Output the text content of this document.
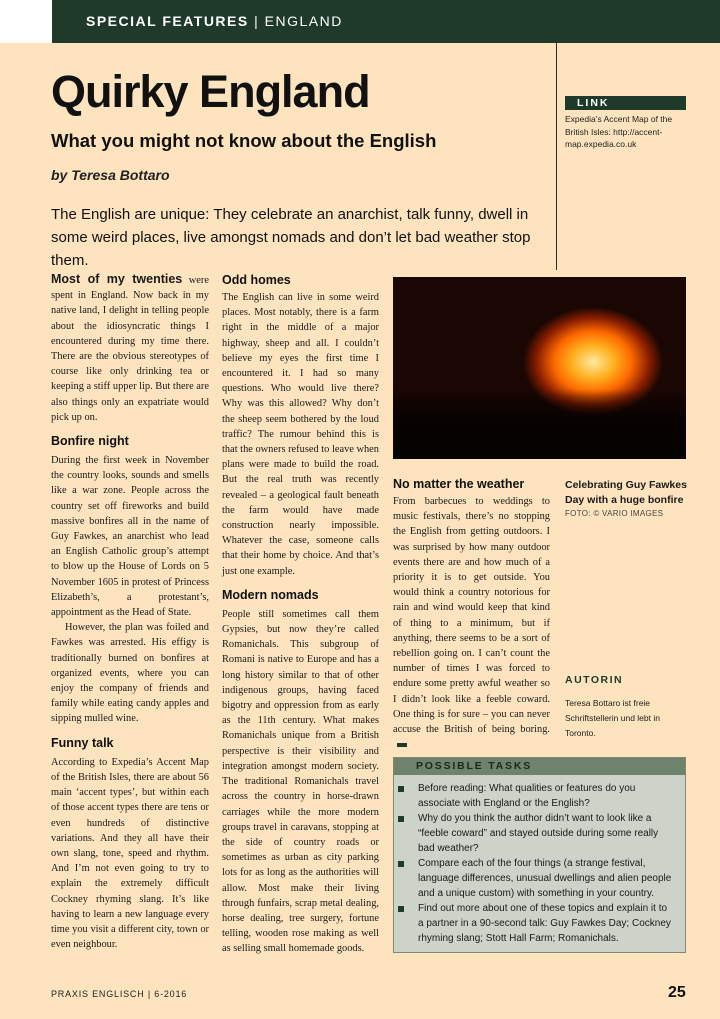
SPECIAL FEATURES | ENGLAND
Quirky England
What you might not know about the English
by Teresa Bottaro
The English are unique: They celebrate an anarchist, talk funny, dwell in some weird places, live amongst nomads and don’t let bad weather stop them.
LINK
Expedia’s Accent Map of the British Isles: http://accent-map.expedia.co.uk

Most of my twenties were spent in England. Now back in my native land, I delight in telling people about the idiosyncratic things I encountered during my time there. There are the obvious stereotypes of course like only drinking tea or keeping a stiff upper lip. But there are also things only an expatriate would pick up on.

Bonfire night

During the first week in November the country looks, sounds and smells like a war zone. People across the country set off fireworks and build massive bonfires all in the name of Guy Fawkes, an anarchist who lead an English Catholic group’s attempt to blow up the House of Lords on 5 November 1605 in protest of Princess Elizabeth’s, a protestant’s, appointment as the Head of State.

However, the plan was foiled and Fawkes was arrested. His effigy is traditionally burned on bonfires at organized events, where you can enjoy the company of friends and family while eating candy apples and sipping mulled wine.

Funny talk

According to Expedia’s Accent Map of the British Isles, there are about 56 main ‘accent types’, but within each of those accent types there are tens or even hundreds of distinctive variations. And they all have their own slang, tone, speed and rhythm. And I’m not even going to try to explain the extremely difficult Cockney rhyming slang. It’s like having to learn a new language every time you visit a different city, town or even neighbour.

Odd homes

The English can live in some weird places. Most notably, there is a farm right in the middle of a major highway, sheep and all. I couldn’t believe my eyes the first time I encountered it. I had so many questions. Who would live there? Why was this allowed? Why don’t the sheep seem bothered by the loud traffic? The rumour behind this is that the owners refused to leave when plans were made to build the road. But the real truth was recently revealed – a geological fault beneath the farm would have made construction nearly impossible. Whatever the case, someone calls that their home by choice. And that’s just one example.

Modern nomads

People still sometimes call them Gypsies, but now they’re called Romanichals. This subgroup of Romani is native to Europe and has a long history similar to that of other indigenous groups, having faced bigotry and oppression from as early as the 11th century. What makes Romanichals unique from a British perspective is their visibility and integration amongst modern society. The traditional Romanichals travel across the country in horse-drawn carriages while the more modern groups travel in caravans, stopping at the side of country roads or sometimes as urban as city parking lots for as long as the authorities will allow. Most make their living through funfairs, scrap metal dealing, horse dealing, tree surgery, fortune telling, wooden rose making as well as selling small homemade goods.

No matter the weather

From barbecues to weddings to music festivals, there’s no stopping the English from getting outdoors. I was surprised by how many outdoor events there are and how much of a priority it is to get outside. You would think a country notorious for rain and wind would keep that kind of thing to a minimum, but if anything, there seems to be a sort of rebellion going on. I can’t count the number of times I was forced to endure some pretty awful weather so I didn’t look like a feeble coward. One thing is for sure – you can never accuse the British of being boring.

Celebrating Guy Fawkes Day with a huge bonfire
FOTO: © VARIO IMAGES
AUTORIN
Teresa Bottaro ist freie Schriftstellerin und lebt in Toronto.
POSSIBLE TASKS
Before reading: What qualities or features do you associate with England or the English?
Why do you think the author didn’t want to look like a “feeble coward” and stayed outside during some really bad weather?
Compare each of the four things (a strange festival, language differences, unusual dwellings and alien people and a unique custom) with something in your country.
Find out more about one of these topics and explain it to a partner in a 90-second talk: Guy Fawkes Day; Cockney rhyming slang; Stott Hall Farm; Romanichals.
PRAXIS ENGLISCH | 6-2016	25
